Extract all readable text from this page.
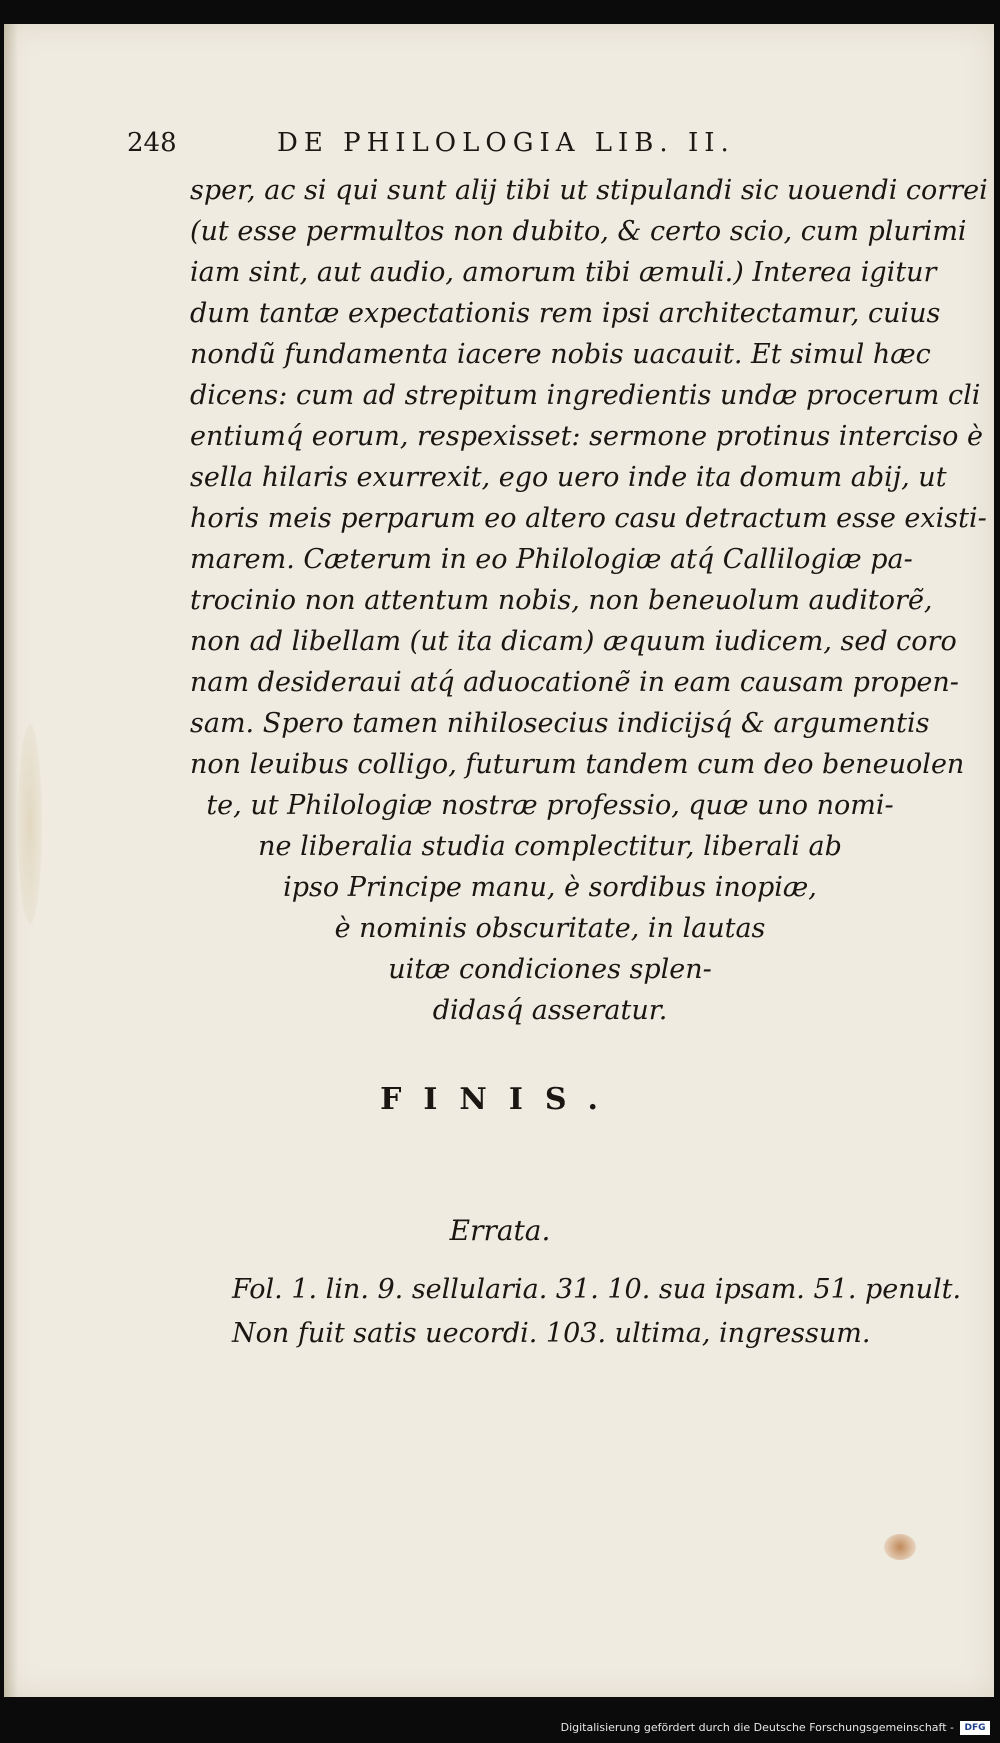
248	DE PHILOLOGIA LIB. II.
sper, ac si qui sunt alij tibi ut stipulandi sic uouendi correi
(ut esse permultos non dubito, & certo scio, cum plurimi
iam sint, aut audio, amorum tibi æmuli.) Interea igitur
dum tantæ expectationis rem ipsi architectamur, cuius
nondũ fundamenta iacere nobis uacauit. Et simul hæc
dicens: cum ad strepitum ingredientis undæ procerum cli
entiumq́ eorum, respexisset: sermone protinus interciso è
sella hilaris exurrexit, ego uero inde ita domum abij, ut
horis meis perparum eo altero casu detractum esse existi-
marem. Cæterum in eo Philologiæ atq́ Callilogiæ pa-
trocinio non attentum nobis, non beneuolum auditorẽ,
non ad libellam (ut ita dicam) æquum iudicem, sed coro
nam desideraui atq́ aduocationẽ in eam causam propen-
sam. Spero tamen nihilosecius indicijsq́ & argumentis
non leuibus colligo, futurum tandem cum deo beneuolen
te, ut Philologiæ nostræ professio, quæ uno nomi-
ne liberalia studia complectitur, liberali ab
ipso Principe manu, è sordibus inopiæ,
è nominis obscuritate, in lautas
uitæ condiciones splen-
didasq́ asseratur.
FINIS.
Errata.
Fol. 1. lin. 9. sellularia. 31. 10. sua ipsam. 51. penult.
Non fuit satis uecordi. 103. ultima, ingressum.
Digitalisierung gefördert durch die Deutsche Forschungsgemeinschaft -	DFG
